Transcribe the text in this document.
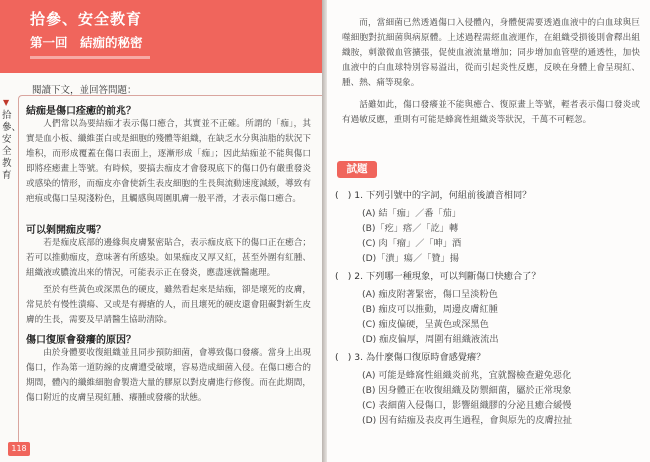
拾參、安全教育
第一回　結痂的秘密
▼
拾參、安全教育
閱讀下文，並回答問題：
結痂是傷口痊癒的前兆？

人們常以為要結痂才表示傷口癒合，其實並不正確。所謂的「痂」，其實是血小板、纖維蛋白或是細胞的殘體等組織，在缺乏水分與油脂的狀況下堆积，而形成覆蓋在傷口表面上，逐漸形成「痂」；因此結痂並不能與傷口即將痊癒畫上等號。有時候，要搞去痂皮才會發現底下的傷口仍有嚴重發炎或感染的情形，而痂皮亦會使新生表皮細胞的生長與流動速度減緩，導致有疤痕或傷口呈現淺粉色，且觸感與周圍肌膚一般平滑，才表示傷口癒合。

可以剝開痂皮嗎？

若是痂皮底部的邊緣與皮膚緊密貼合，表示痂皮底下的傷口正在癒合；若可以推動痂皮，意味著有所感染。如果痂皮又厚又紅，甚至外圍有紅腫、組織液或膿流出來的情況，可能表示正在發炎，應盡速就醫處理。

至於有些黃色或深黑色的硬皮，雖然看起來是結痂，卻是壞死的皮膚，常見於有慢性潰瘍、又或是有褥瘡的人，而且壞死的硬皮還會阻礙對新生皮膚的生長，需要及早請醫生協助清除。

傷口復原會發癢的原因？

由於身體要收復組織並且同步預防細菌，會導致傷口發癢。當身上出現傷口，作為第一道防線的皮膚遭受破壞，容易造成細菌入侵。在傷口癒合的期間，體內的纖維細胞會製造大量的膠原以對皮膚進行修復。而在此期間，傷口附近的皮膚呈現紅腫、癢腫或發癢的狀態。

118

而，當細菌已然透過傷口入侵體內，身體便需要透過血液中的白血球與巨噬細胞對抗細菌與病原體。上述過程需經血液運作，在組織受損後則會釋出組織胺，刺激微血管擴張，促使血液流量增加；同步增加血管壁的通透性，加快血液中的白血球特別容易溢出，從而引起炎性反應，反映在身體上會呈現紅、腫、熱、痛等現象。

話雖如此，傷口發癢並不能與癒合、復原畫上等號，輕者表示傷口發炎或有過敏反應，重則有可能是蜂窩性組織炎等狀況，千萬不可輕忽。

試題
(　) 1. 下列引號中的字詞，何組前後讀音相同？
(A) 結「痂」／番「茄」
(B)「疙」瘩／「訖」轉
(C) 肉「瘤」／「呻」酒
(D)「潰」瘍／「贊」揚
(　) 2. 下列哪一種現象，可以判斷傷口快癒合了？
(A) 痂皮附著緊密，傷口呈淡粉色
(B) 痂皮可以推動，周邊皮膚紅腫
(C) 痂皮偏硬，呈黃色或深黑色
(D) 痂皮偏厚，周圍有組織液流出
(　) 3. 為什麼傷口復原時會感覺癢？
(A) 可能是蜂窩性組織炎前兆，宜就醫檢查避免惡化
(B) 因身體正在收復組織及防禦細菌，屬於正常現象
(C) 表細菌入侵傷口，影響組織膠的分泌且癒合緩慢
(D) 因有結痂及表皮再生過程，會與原先的皮膚拉扯
